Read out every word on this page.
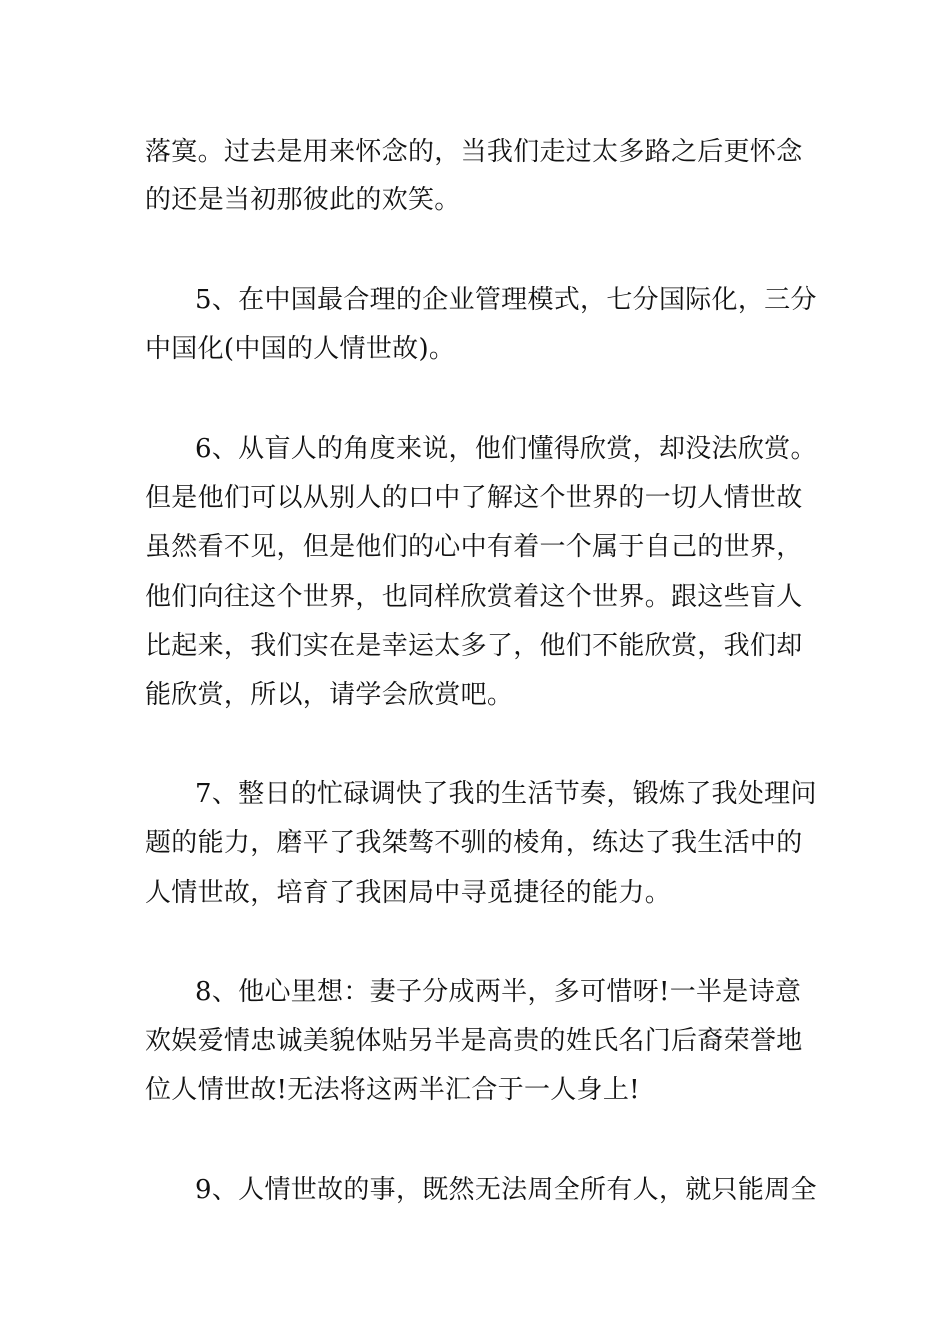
落寞。过去是用来怀念的，当我们走过太多路之后更怀念
的还是当初那彼此的欢笑。
5、在中国最合理的企业管理模式，七分国际化，三分
中国化(中国的人情世故)。
6、从盲人的角度来说，他们懂得欣赏，却没法欣赏。
但是他们可以从别人的口中了解这个世界的一切人情世故
虽然看不见，但是他们的心中有着一个属于自己的世界，
他们向往这个世界，也同样欣赏着这个世界。跟这些盲人
比起来，我们实在是幸运太多了，他们不能欣赏，我们却
能欣赏，所以，请学会欣赏吧。
7、整日的忙碌调快了我的生活节奏，锻炼了我处理问
题的能力，磨平了我桀骜不驯的棱角，练达了我生活中的
人情世故，培育了我困局中寻觅捷径的能力。
8、他心里想：妻子分成两半，多可惜呀!一半是诗意
欢娱爱情忠诚美貌体贴另半是高贵的姓氏名门后裔荣誉地
位人情世故!无法将这两半汇合于一人身上!
9、人情世故的事，既然无法周全所有人，就只能周全
